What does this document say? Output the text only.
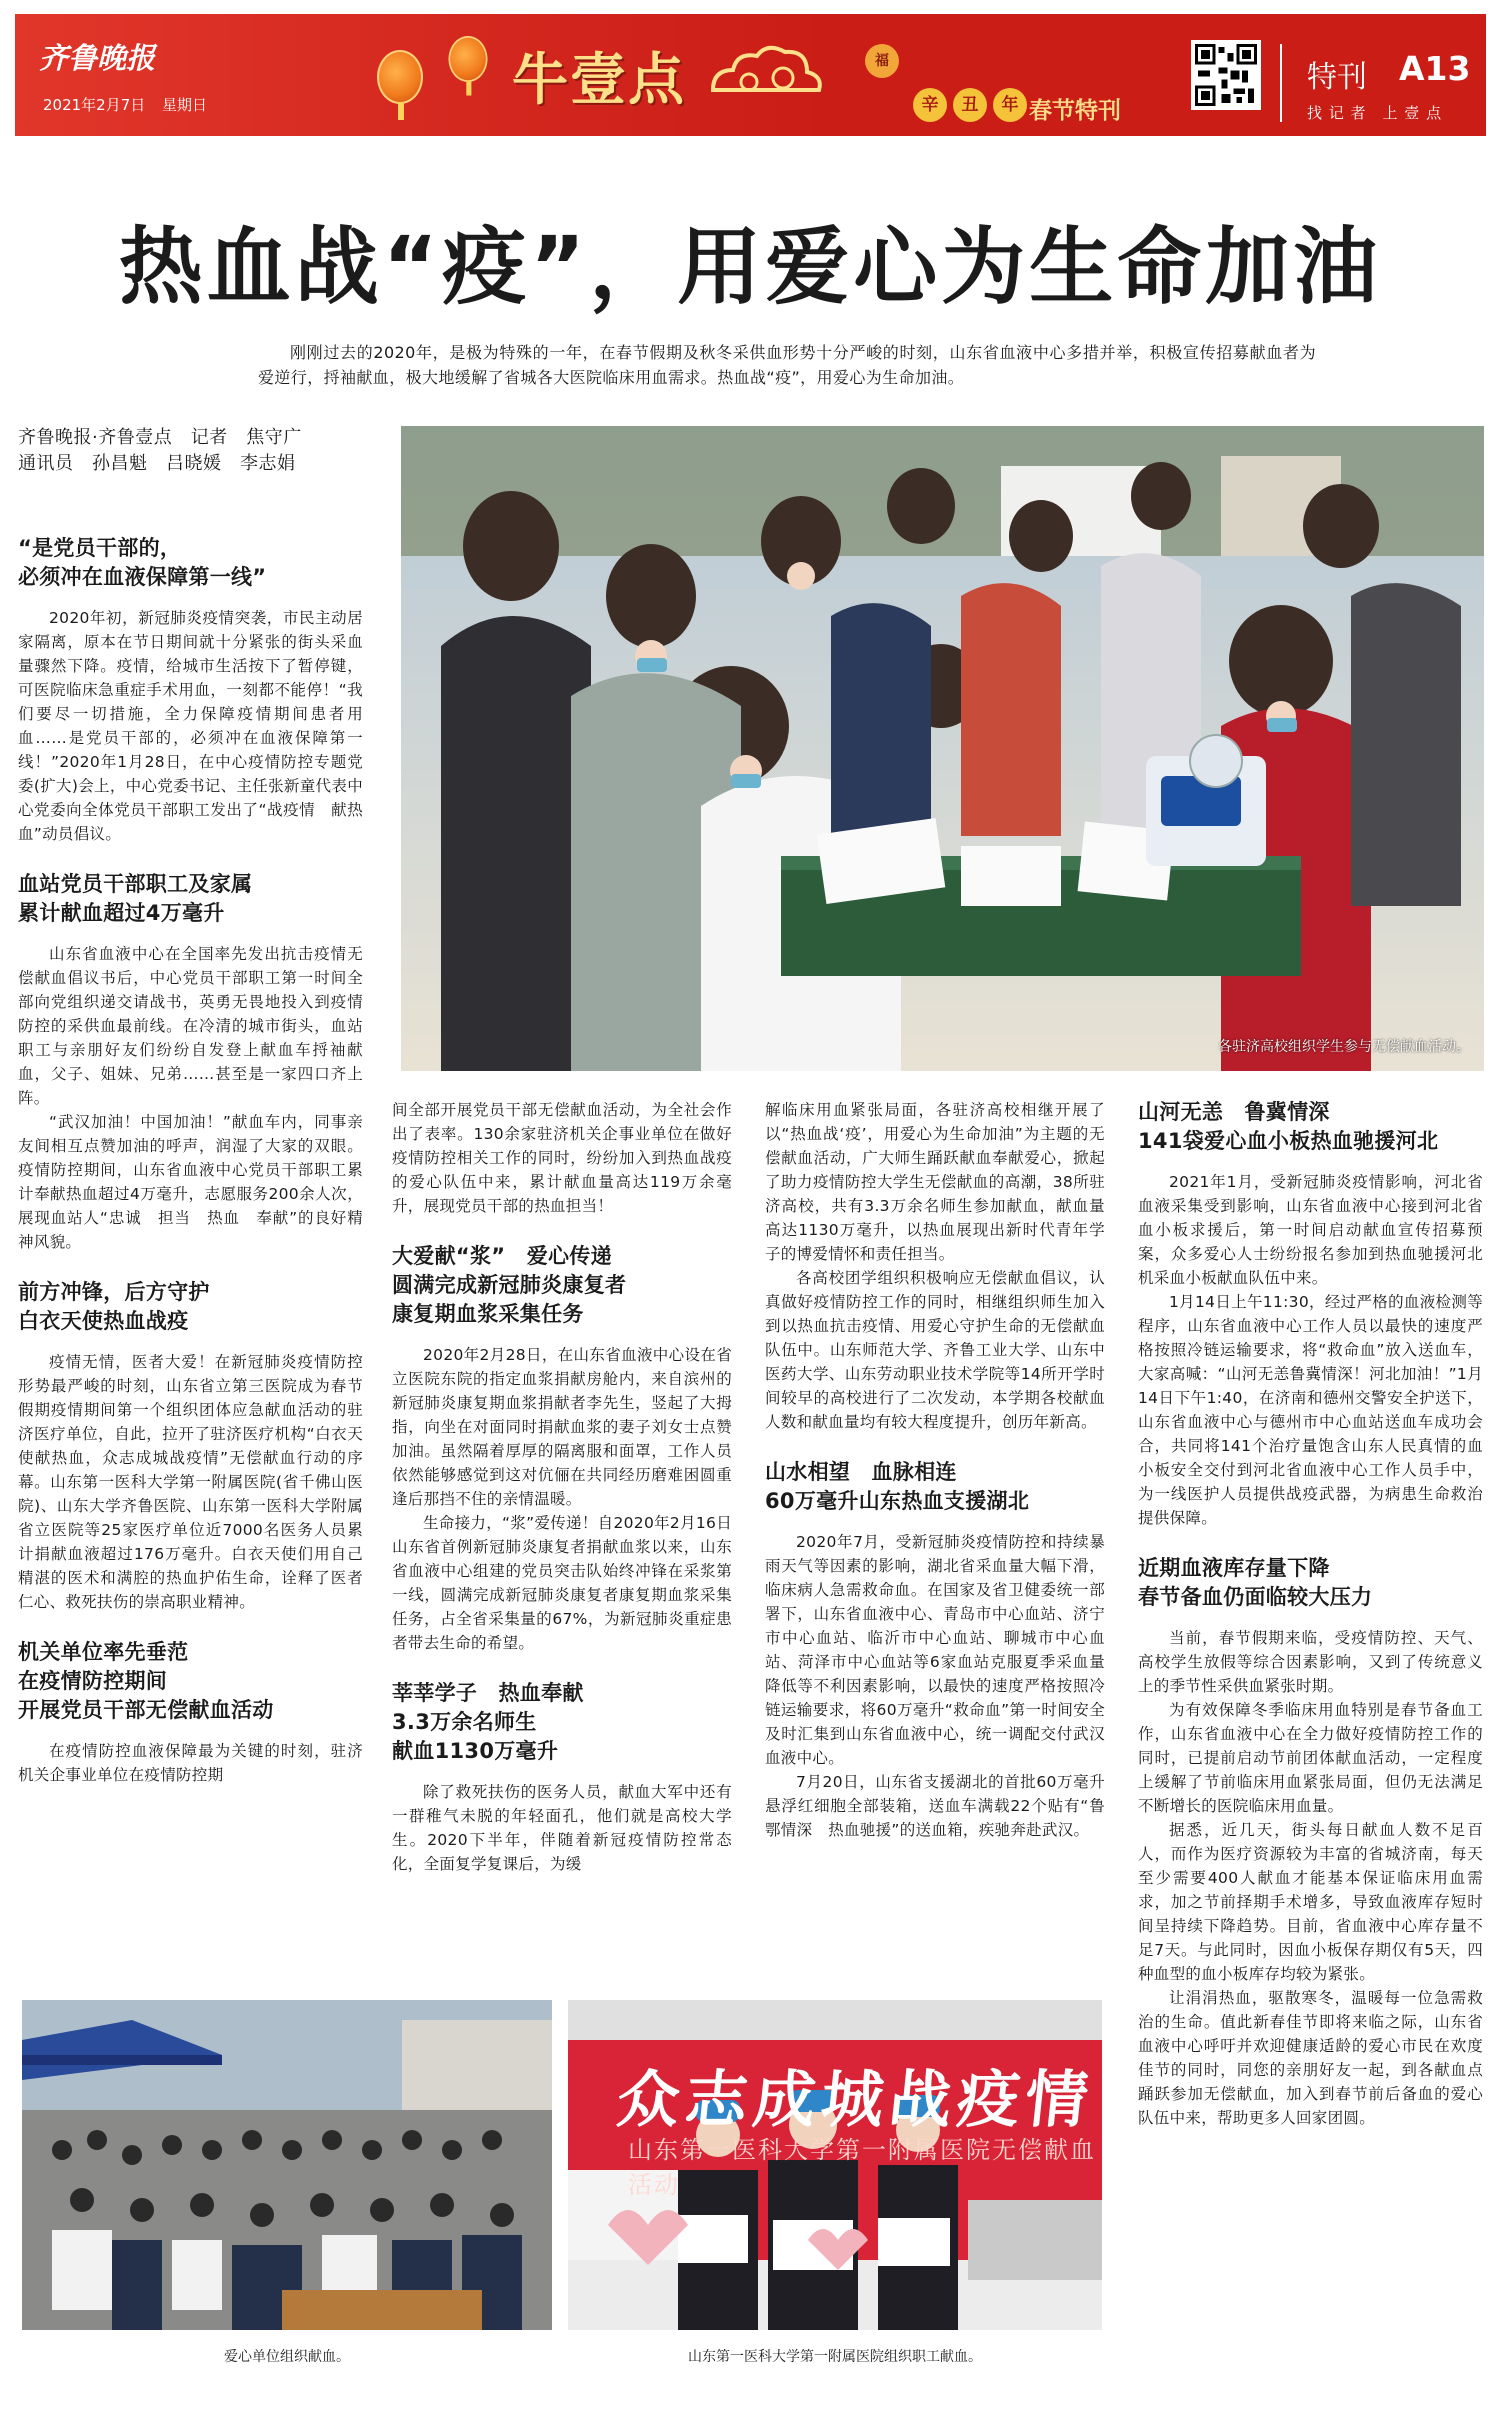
齐鲁晚报
2021年2月7日 星期日	牛壹点	福
辛	丑	年 春节特刊
特刊 A13
找 记 者　上 壹 点
热血战“疫”，用爱心为生命加油

刚刚过去的2020年，是极为特殊的一年，在春节假期及秋冬采供血形势十分严峻的时刻，山东省血液中心多措并举，积极宣传招募献血者为爱逆行，捋袖献血，极大地缓解了省城各大医院临床用血需求。热血战“疫”，用爱心为生命加油。

齐鲁晚报·齐鲁壹点　记者　焦守广
通讯员　孙昌魁　吕晓媛　李志娟
“是党员干部的，
必须冲在血液保障第一线”

2020年初，新冠肺炎疫情突袭，市民主动居家隔离，原本在节日期间就十分紧张的街头采血量骤然下降。疫情，给城市生活按下了暂停键，可医院临床急重症手术用血，一刻都不能停！“我们要尽一切措施，全力保障疫情期间患者用血……是党员干部的，必须冲在血液保障第一线！”2020年1月28日，在中心疫情防控专题党委(扩大)会上，中心党委书记、主任张新童代表中心党委向全体党员干部职工发出了“战疫情　献热血”动员倡议。

血站党员干部职工及家属
累计献血超过4万毫升

山东省血液中心在全国率先发出抗击疫情无偿献血倡议书后，中心党员干部职工第一时间全部向党组织递交请战书，英勇无畏地投入到疫情防控的采供血最前线。在冷清的城市街头，血站职工与亲朋好友们纷纷自发登上献血车捋袖献血，父子、姐妹、兄弟……甚至是一家四口齐上阵。

“武汉加油！中国加油！”献血车内，同事亲友间相互点赞加油的呼声，润湿了大家的双眼。疫情防控期间，山东省血液中心党员干部职工累计奉献热血超过4万毫升，志愿服务200余人次，展现血站人“忠诚　担当　热血　奉献”的良好精神风貌。

前方冲锋，后方守护
白衣天使热血战疫

疫情无情，医者大爱！在新冠肺炎疫情防控形势最严峻的时刻，山东省立第三医院成为春节假期疫情期间第一个组织团体应急献血活动的驻济医疗单位，自此，拉开了驻济医疗机构“白衣天使献热血，众志成城战疫情”无偿献血行动的序幕。山东第一医科大学第一附属医院(省千佛山医院)、山东大学齐鲁医院、山东第一医科大学附属省立医院等25家医疗单位近7000名医务人员累计捐献血液超过176万毫升。白衣天使们用自己精湛的医术和满腔的热血护佑生命，诠释了医者仁心、救死扶伤的崇高职业精神。

机关单位率先垂范
在疫情防控期间
开展党员干部无偿献血活动

在疫情防控血液保障最为关键的时刻，驻济机关企事业单位在疫情防控期

间全部开展党员干部无偿献血活动，为全社会作出了表率。130余家驻济机关企事业单位在做好疫情防控相关工作的同时，纷纷加入到热血战疫的爱心队伍中来，累计献血量高达119万余毫升，展现党员干部的热血担当！

大爱献“浆”　爱心传递
圆满完成新冠肺炎康复者
康复期血浆采集任务

2020年2月28日，在山东省血液中心设在省立医院东院的指定血浆捐献房舱内，来自滨州的新冠肺炎康复期血浆捐献者李先生，竖起了大拇指，向坐在对面同时捐献血浆的妻子刘女士点赞加油。虽然隔着厚厚的隔离服和面罩，工作人员依然能够感觉到这对伉俪在共同经历磨难困圆重逢后那挡不住的亲情温暖。

生命接力，“浆”爱传递！自2020年2月16日山东省首例新冠肺炎康复者捐献血浆以来，山东省血液中心组建的党员突击队始终冲锋在采浆第一线，圆满完成新冠肺炎康复者康复期血浆采集任务，占全省采集量的67%，为新冠肺炎重症患者带去生命的希望。

莘莘学子　热血奉献
3.3万余名师生
献血1130万毫升

除了救死扶伤的医务人员，献血大军中还有一群稚气未脱的年轻面孔，他们就是高校大学生。2020下半年，伴随着新冠疫情防控常态化，全面复学复课后，为缓

解临床用血紧张局面，各驻济高校相继开展了以“热血战‘疫’，用爱心为生命加油”为主题的无偿献血活动，广大师生踊跃献血奉献爱心，掀起了助力疫情防控大学生无偿献血的高潮，38所驻济高校，共有3.3万余名师生参加献血，献血量高达1130万毫升，以热血展现出新时代青年学子的博爱情怀和责任担当。

各高校团学组织积极响应无偿献血倡议，认真做好疫情防控工作的同时，相继组织师生加入到以热血抗击疫情、用爱心守护生命的无偿献血队伍中。山东师范大学、齐鲁工业大学、山东中医药大学、山东劳动职业技术学院等14所开学时间较早的高校进行了二次发动，本学期各校献血人数和献血量均有较大程度提升，创历年新高。

山水相望　血脉相连
60万毫升山东热血支援湖北

2020年7月，受新冠肺炎疫情防控和持续暴雨天气等因素的影响，湖北省采血量大幅下滑，临床病人急需救命血。在国家及省卫健委统一部署下，山东省血液中心、青岛市中心血站、济宁市中心血站、临沂市中心血站、聊城市中心血站、菏泽市中心血站等6家血站克服夏季采血量降低等不利因素影响，以最快的速度严格按照冷链运输要求，将60万毫升“救命血”第一时间安全及时汇集到山东省血液中心，统一调配交付武汉血液中心。

7月20日，山东省支援湖北的首批60万毫升悬浮红细胞全部装箱，送血车满载22个贴有“鲁鄂情深　热血驰援”的送血箱，疾驰奔赴武汉。

山河无恙　鲁冀情深
141袋爱心血小板热血驰援河北

2021年1月，受新冠肺炎疫情影响，河北省血液采集受到影响，山东省血液中心接到河北省血小板求援后，第一时间启动献血宣传招募预案，众多爱心人士纷纷报名参加到热血驰援河北机采血小板献血队伍中来。

1月14日上午11:30，经过严格的血液检测等程序，山东省血液中心工作人员以最快的速度严格按照冷链运输要求，将“救命血”放入送血车，大家高喊：“山河无恙鲁冀情深！河北加油！”1月14日下午1:40，在济南和德州交警安全护送下，山东省血液中心与德州市中心血站送血车成功会合，共同将141个治疗量饱含山东人民真情的血小板安全交付到河北省血液中心工作人员手中，为一线医护人员提供战疫武器，为病患生命救治提供保障。

近期血液库存量下降
春节备血仍面临较大压力

当前，春节假期来临，受疫情防控、天气、高校学生放假等综合因素影响，又到了传统意义上的季节性采供血紧张时期。

为有效保障冬季临床用血特别是春节备血工作，山东省血液中心在全力做好疫情防控工作的同时，已提前启动节前团体献血活动，一定程度上缓解了节前临床用血紧张局面，但仍无法满足不断增长的医院临床用血量。

据悉，近几天，街头每日献血人数不足百人，而作为医疗资源较为丰富的省城济南，每天至少需要400人献血才能基本保证临床用血需求，加之节前择期手术增多，导致血液库存短时间呈持续下降趋势。目前，省血液中心库存量不足7天。与此同时，因血小板保存期仅有5天，四种血型的血小板库存均较为紧张。

让涓涓热血，驱散寒冬，温暖每一位急需救治的生命。值此新春佳节即将来临之际，山东省血液中心呼吁并欢迎健康适龄的爱心市民在欢度佳节的同时，同您的亲朋好友一起，到各献血点踊跃参加无偿献血，加入到春节前后备血的爱心队伍中来，帮助更多人回家团圆。

各驻济高校组织学生参与无偿献血活动。
爱心单位组织献血。
众志成城战疫情
山东第一医科大学第一附属医院无偿献血活动
山东第一医科大学第一附属医院组织职工献血。
